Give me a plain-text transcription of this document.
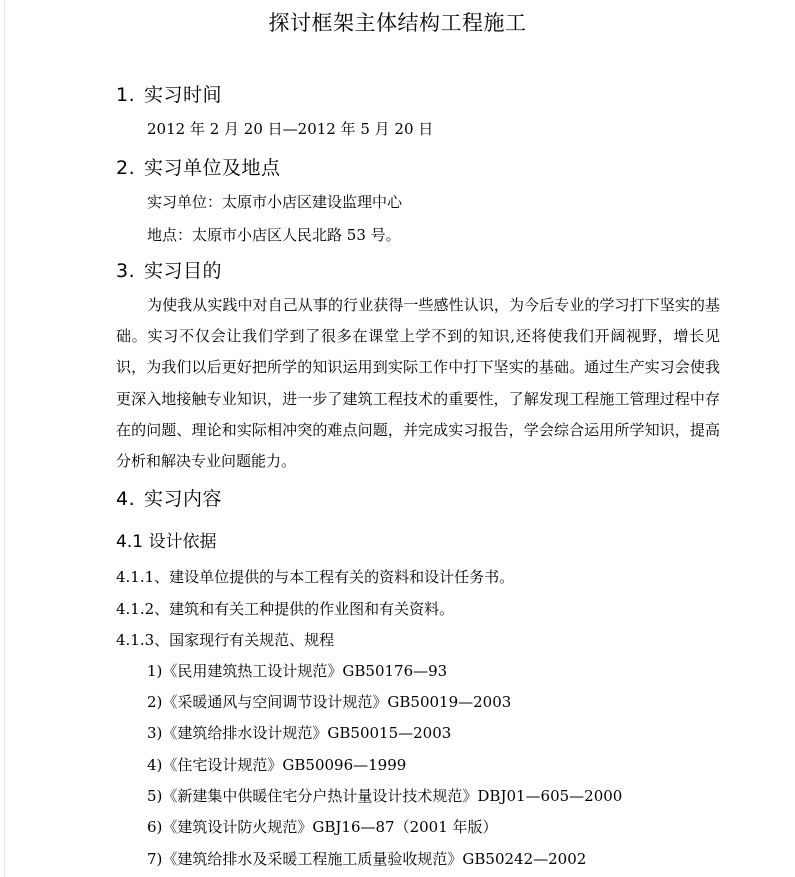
探讨框架主体结构工程施工
1. 实习时间
2012 年 2 月 20 日—2012 年 5 月 20 日
2. 实习单位及地点
实习单位：太原市小店区建设监理中心
地点：太原市小店区人民北路 53 号。
3. 实习目的
为使我从实践中对自己从事的行业获得一些感性认识，为今后专业的学习打下坚实的基础。实习不仅会让我们学到了很多在课堂上学不到的知识,还将使我们开阔视野，增长见识，为我们以后更好把所学的知识运用到实际工作中打下坚实的基础。通过生产实习会使我更深入地接触专业知识，进一步了建筑工程技术的重要性，了解发现工程施工管理过程中存在的问题、理论和实际相冲突的难点问题，并完成实习报告，学会综合运用所学知识，提高分析和解决专业问题能力。
4. 实习内容
4.1 设计依据
4.1.1、建设单位提供的与本工程有关的资料和设计任务书。
4.1.2、建筑和有关工种提供的作业图和有关资料。
4.1.3、国家现行有关规范、规程
1)《民用建筑热工设计规范》GB50176—93
2)《采暖通风与空间调节设计规范》GB50019—2003
3)《建筑给排水设计规范》GB50015—2003
4)《住宅设计规范》GB50096—1999
5)《新建集中供暖住宅分户热计量设计技术规范》DBJ01—605—2000
6)《建筑设计防火规范》GBJ16—87（2001 年版）
7)《建筑给排水及采暖工程施工质量验收规范》GB50242—2002
